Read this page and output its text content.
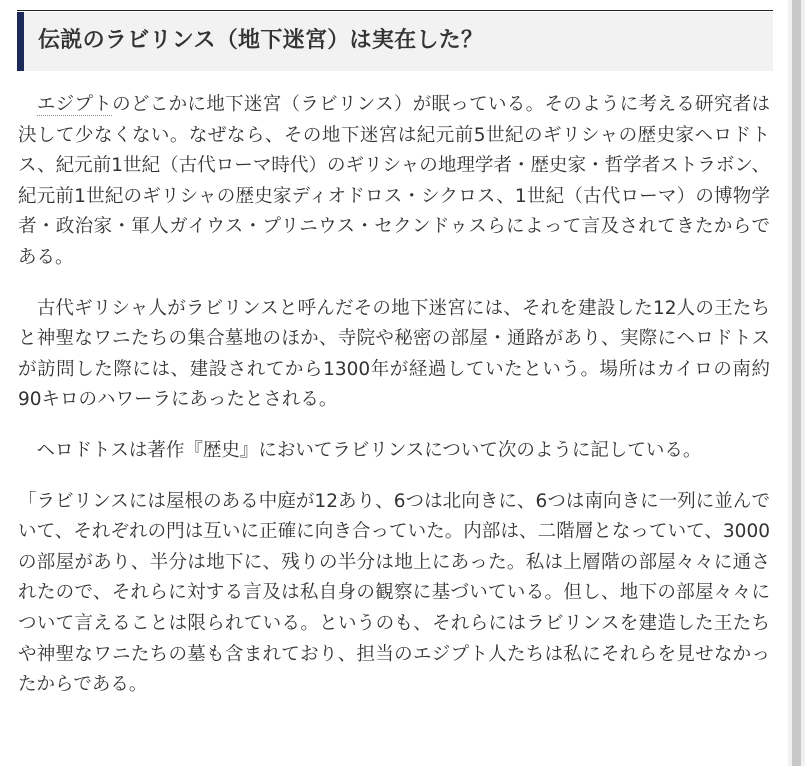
伝説のラビリンス（地下迷宮）は実在した？

　エジプトのどこかに地下迷宮（ラビリンス）が眠っている。そのように考える研究者は決して少なくない。なぜなら、その地下迷宮は紀元前5世紀のギリシャの歴史家ヘロドトス、紀元前1世紀（古代ローマ時代）のギリシャの地理学者・歴史家・哲学者ストラボン、紀元前1世紀のギリシャの歴史家ディオドロス・シクロス、1世紀（古代ローマ）の博物学者・政治家・軍人ガイウス・プリニウス・セクンドゥスらによって言及されてきたからである。

　古代ギリシャ人がラビリンスと呼んだその地下迷宮には、それを建設した12人の王たちと神聖なワニたちの集合墓地のほか、寺院や秘密の部屋・通路があり、実際にヘロドトスが訪問した際には、建設されてから1300年が経過していたという。場所はカイロの南約90キロのハワーラにあったとされる。

　ヘロドトスは著作『歴史』においてラビリンスについて次のように記している。

「ラビリンスには屋根のある中庭が12あり、6つは北向きに、6つは南向きに一列に並んでいて、それぞれの門は互いに正確に向き合っていた。内部は、二階層となっていて、3000の部屋があり、半分は地下に、残りの半分は地上にあった。私は上層階の部屋々々に通されたので、それらに対する言及は私自身の観察に基づいている。但し、地下の部屋々々について言えることは限られている。というのも、それらにはラビリンスを建造した王たちや神聖なワニたちの墓も含まれており、担当のエジプト人たちは私にそれらを見せなかったからである。
